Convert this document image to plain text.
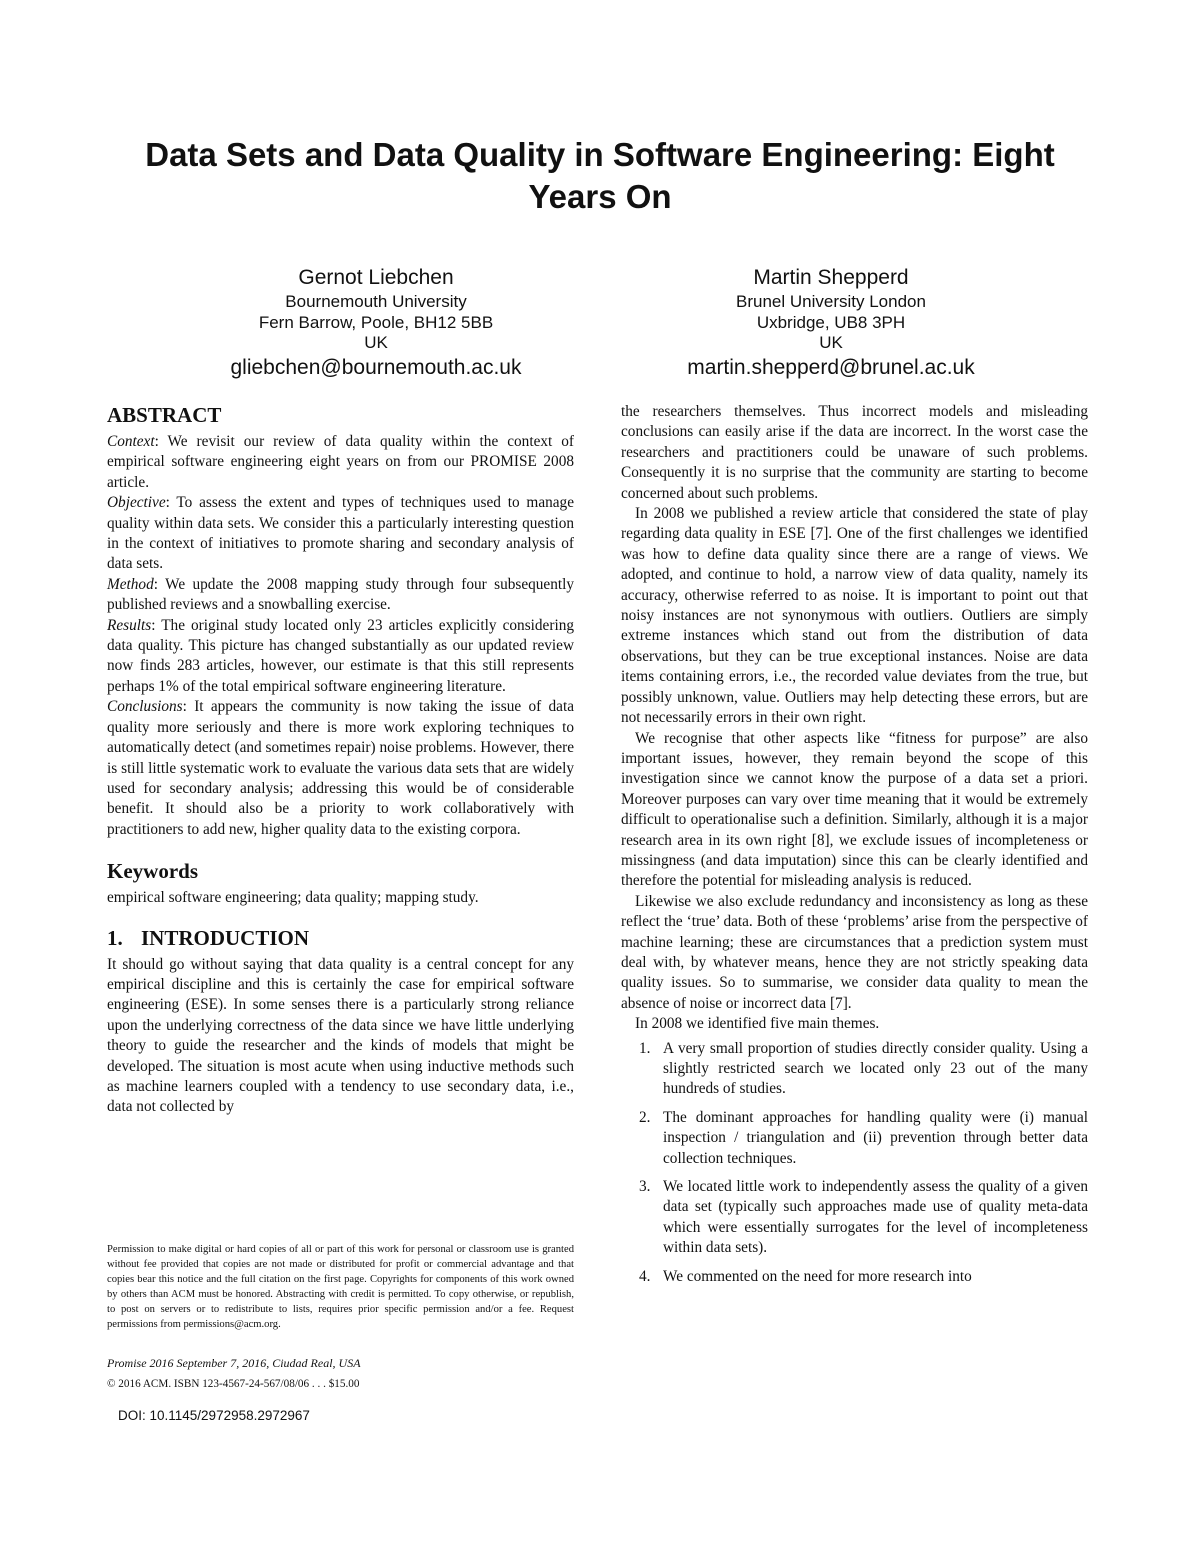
Data Sets and Data Quality in Software Engineering: Eight Years On
Gernot Liebchen
Bournemouth University
Fern Barrow, Poole, BH12 5BB
UK
gliebchen@bournemouth.ac.uk
Martin Shepperd
Brunel University London
Uxbridge, UB8 3PH
UK
martin.shepperd@brunel.ac.uk
ABSTRACT

Context: We revisit our review of data quality within the context of empirical software engineering eight years on from our PROMISE 2008 article.

Objective: To assess the extent and types of techniques used to manage quality within data sets. We consider this a particularly interesting question in the context of initiatives to promote sharing and secondary analysis of data sets.

Method: We update the 2008 mapping study through four subsequently published reviews and a snowballing exercise.

Results: The original study located only 23 articles explicitly considering data quality. This picture has changed substantially as our updated review now finds 283 articles, however, our estimate is that this still represents perhaps 1% of the total empirical software engineering literature.

Conclusions: It appears the community is now taking the issue of data quality more seriously and there is more work exploring techniques to automatically detect (and sometimes repair) noise problems. However, there is still little systematic work to evaluate the various data sets that are widely used for secondary analysis; addressing this would be of considerable benefit. It should also be a priority to work collaboratively with practitioners to add new, higher quality data to the existing corpora.

Keywords

empirical software engineering; data quality; mapping study.

1. INTRODUCTION

It should go without saying that data quality is a central concept for any empirical discipline and this is certainly the case for empirical software engineering (ESE). In some senses there is a particularly strong reliance upon the underlying correctness of the data since we have little underlying theory to guide the researcher and the kinds of models that might be developed. The situation is most acute when using inductive methods such as machine learners coupled with a tendency to use secondary data, i.e., data not collected by

Permission to make digital or hard copies of all or part of this work for personal or classroom use is granted without fee provided that copies are not made or distributed for profit or commercial advantage and that copies bear this notice and the full citation on the first page. Copyrights for components of this work owned by others than ACM must be honored. Abstracting with credit is permitted. To copy otherwise, or republish, to post on servers or to redistribute to lists, requires prior specific permission and/or a fee. Request permissions from permissions@acm.org.
Promise 2016 September 7, 2016, Ciudad Real, USA
© 2016 ACM. ISBN 123-4567-24-567/08/06 . . . $15.00
DOI: 10.1145/2972958.2972967

the researchers themselves. Thus incorrect models and misleading conclusions can easily arise if the data are incorrect. In the worst case the researchers and practitioners could be unaware of such problems. Consequently it is no surprise that the community are starting to become concerned about such problems.

In 2008 we published a review article that considered the state of play regarding data quality in ESE [7]. One of the first challenges we identified was how to define data quality since there are a range of views. We adopted, and continue to hold, a narrow view of data quality, namely its accuracy, otherwise referred to as noise. It is important to point out that noisy instances are not synonymous with outliers. Outliers are simply extreme instances which stand out from the distribution of data observations, but they can be true exceptional instances. Noise are data items containing errors, i.e., the recorded value deviates from the true, but possibly unknown, value. Outliers may help detecting these errors, but are not necessarily errors in their own right.

We recognise that other aspects like “fitness for purpose” are also important issues, however, they remain beyond the scope of this investigation since we cannot know the purpose of a data set a priori. Moreover purposes can vary over time meaning that it would be extremely difficult to operationalise such a definition. Similarly, although it is a major research area in its own right [8], we exclude issues of incompleteness or missingness (and data imputation) since this can be clearly identified and therefore the potential for misleading analysis is reduced.

Likewise we also exclude redundancy and inconsistency as long as these reflect the ‘true’ data. Both of these ‘problems’ arise from the perspective of machine learning; these are circumstances that a prediction system must deal with, by whatever means, hence they are not strictly speaking data quality issues. So to summarise, we consider data quality to mean the absence of noise or incorrect data [7].

In 2008 we identified five main themes.

1. A very small proportion of studies directly consider quality. Using a slightly restricted search we located only 23 out of the many hundreds of studies.
2. The dominant approaches for handling quality were (i) manual inspection / triangulation and (ii) prevention through better data collection techniques.
3. We located little work to independently assess the quality of a given data set (typically such approaches made use of quality meta-data which were essentially surrogates for the level of incompleteness within data sets).
4. We commented on the need for more research into
